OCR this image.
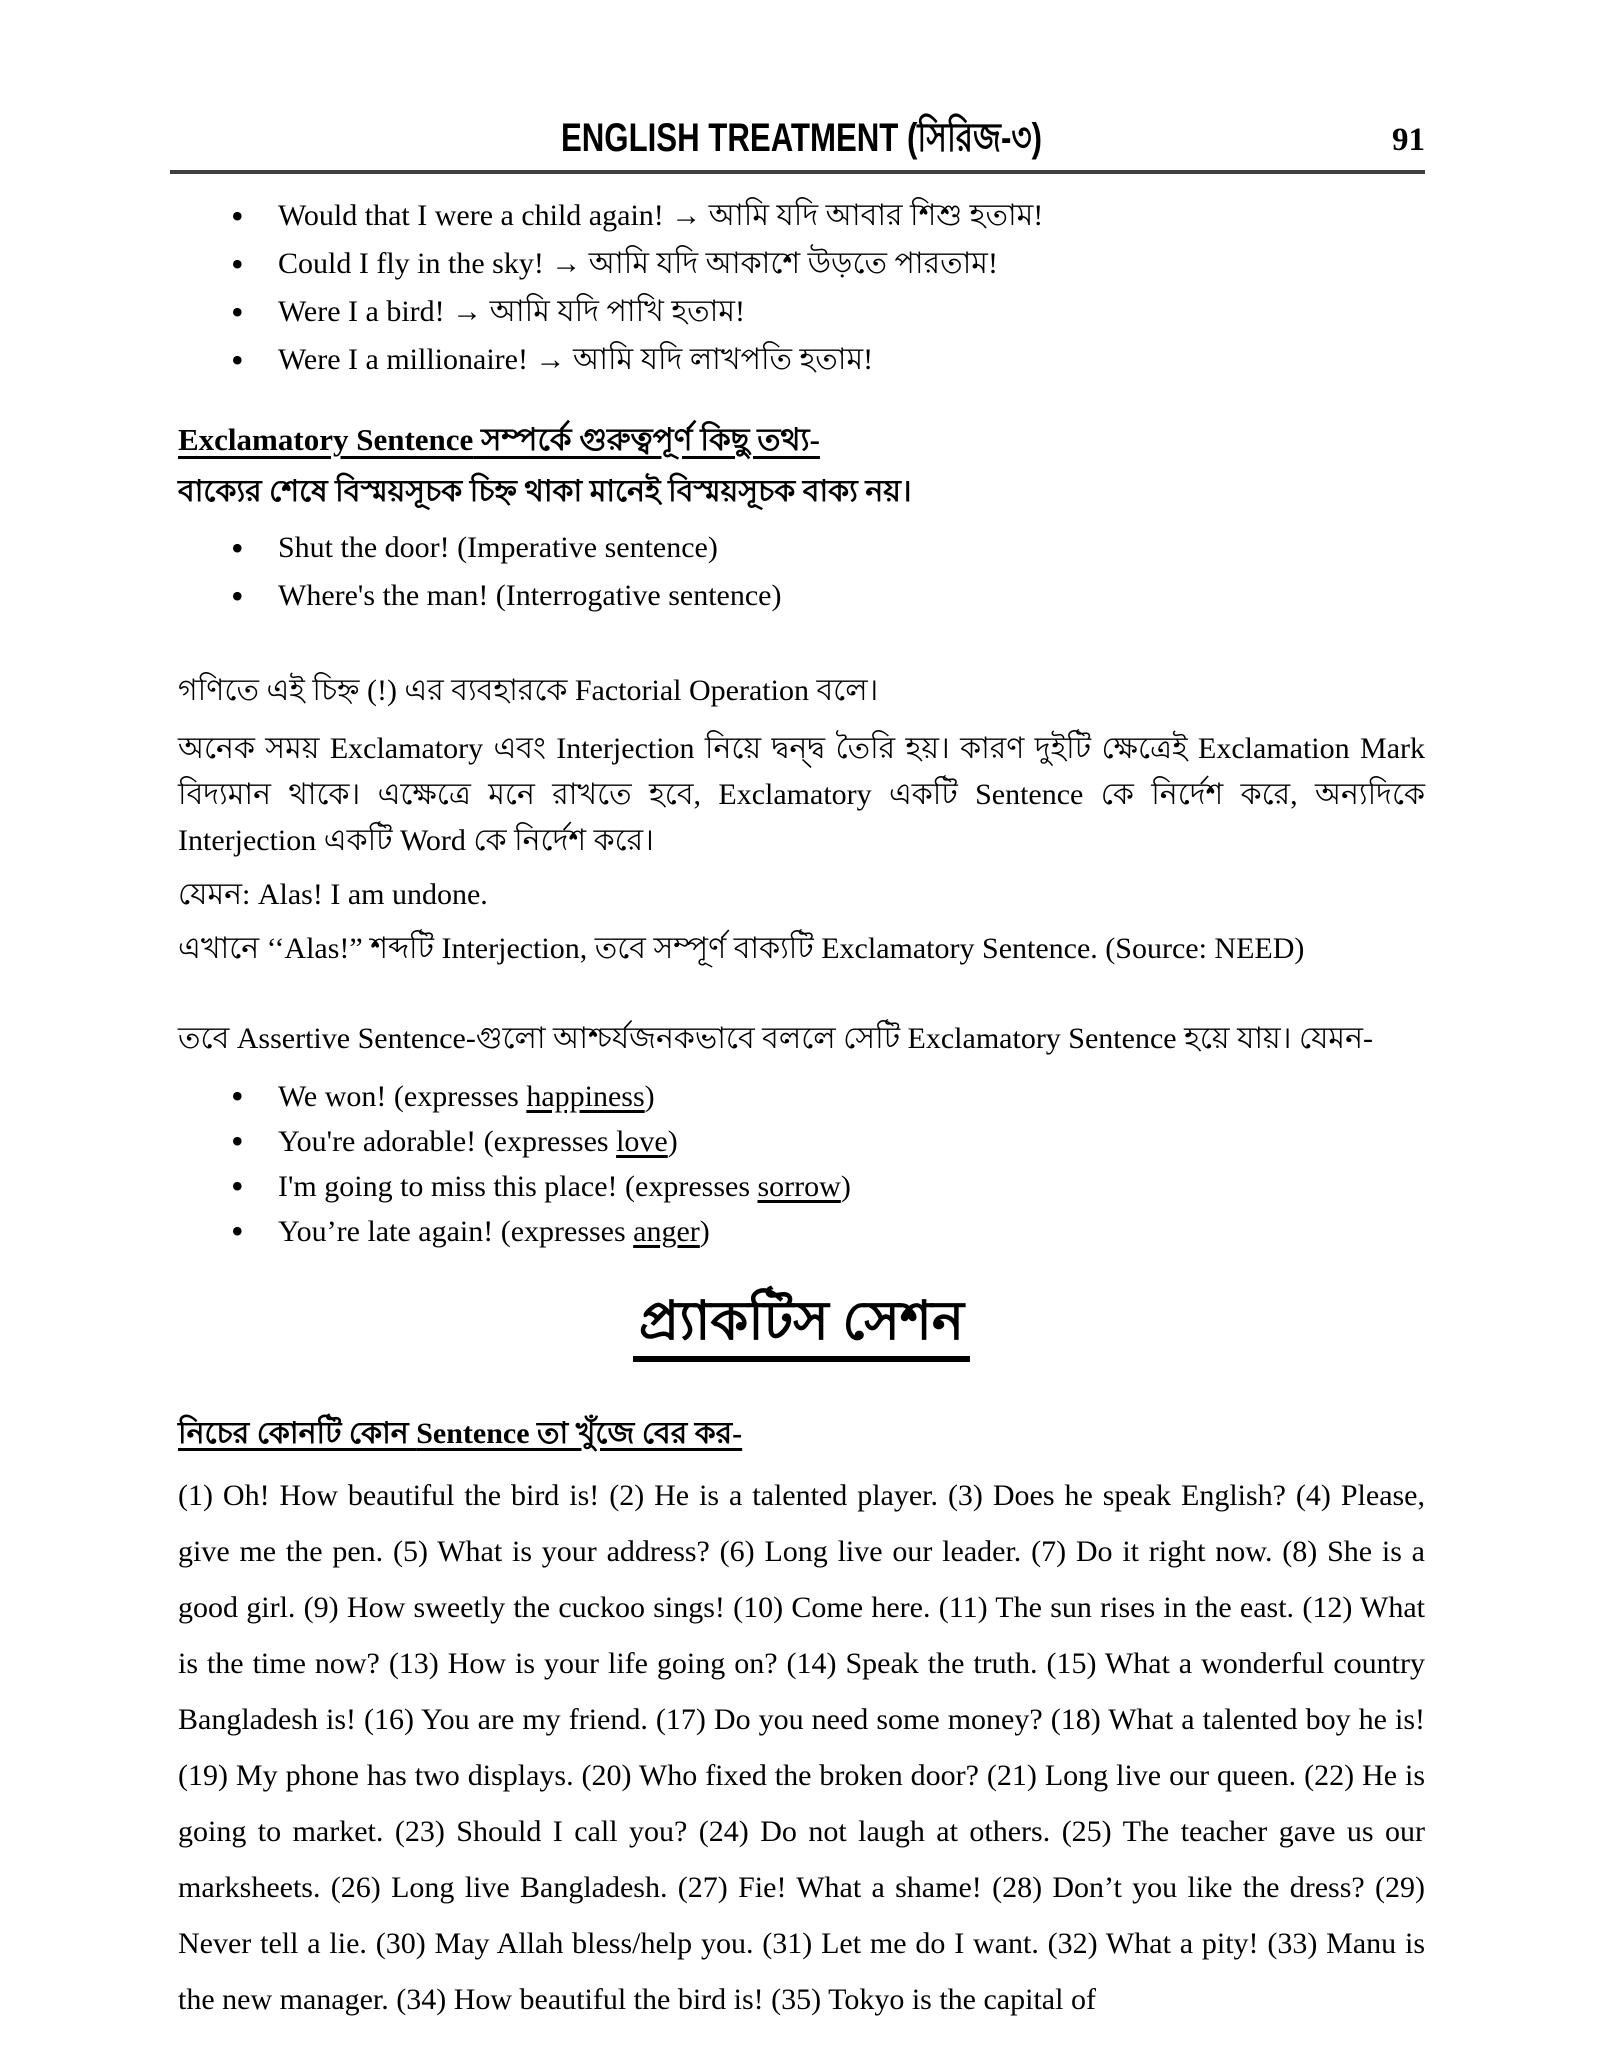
ENGLISH TREATMENT (সিরিজ-৩)	91
• Would that I were a child again! → আমি যদি আবার শিশু হতাম!
• Could I fly in the sky! → আমি যদি আকাশে উড়তে পারতাম!
• Were I a bird! → আমি যদি পাখি হতাম!
• Were I a millionaire! → আমি যদি লাখপতি হতাম!
Exclamatory Sentence সম্পর্কে গুরুত্বপূর্ণ কিছু তথ্য-

বাক্যের শেষে বিস্ময়সূচক চিহ্ন থাকা মানেই বিস্ময়সূচক বাক্য নয়।

• Shut the door! (Imperative sentence)
• Where's the man! (Interrogative sentence)

গণিতে এই চিহ্ন (!) এর ব্যবহারকে Factorial Operation বলে।

অনেক সময় Exclamatory এবং Interjection নিয়ে দ্বন্দ্ব তৈরি হয়। কারণ দুইটি ক্ষেত্রেই Exclamation Mark বিদ্যমান থাকে। এক্ষেত্রে মনে রাখতে হবে, Exclamatory একটি Sentence কে নির্দেশ করে, অন্যদিকে Interjection একটি Word কে নির্দেশ করে।

যেমন: Alas! I am undone.

এখানে ‘‘Alas!” শব্দটি Interjection, তবে সম্পূর্ণ বাক্যটি Exclamatory Sentence. (Source: NEED)

তবে Assertive Sentence-গুলো আশ্চর্যজনকভাবে বললে সেটি Exclamatory Sentence হয়ে যায়। যেমন-

• We won! (expresses happiness)
• You're adorable! (expresses love)
• I'm going to miss this place! (expresses sorrow)
• You’re late again! (expresses anger)
প্র্যাকটিস সেশন
নিচের কোনটি কোন Sentence তা খুঁজে বের কর-

(1) Oh! How beautiful the bird is! (2) He is a talented player. (3) Does he speak English? (4) Please, give me the pen. (5) What is your address? (6) Long live our leader. (7) Do it right now. (8) She is a good girl. (9) How sweetly the cuckoo sings! (10) Come here. (11) The sun rises in the east. (12) What is the time now? (13) How is your life going on? (14) Speak the truth. (15) What a wonderful country Bangladesh is! (16) You are my friend. (17) Do you need some money? (18) What a talented boy he is! (19) My phone has two displays. (20) Who fixed the broken door? (21) Long live our queen. (22) He is going to market. (23) Should I call you? (24) Do not laugh at others. (25) The teacher gave us our marksheets. (26) Long live Bangladesh. (27) Fie! What a shame! (28) Don’t you like the dress? (29) Never tell a lie. (30) May Allah bless/help you. (31) Let me do I want. (32) What a pity! (33) Manu is the new manager. (34) How beautiful the bird is! (35) Tokyo is the capital of
